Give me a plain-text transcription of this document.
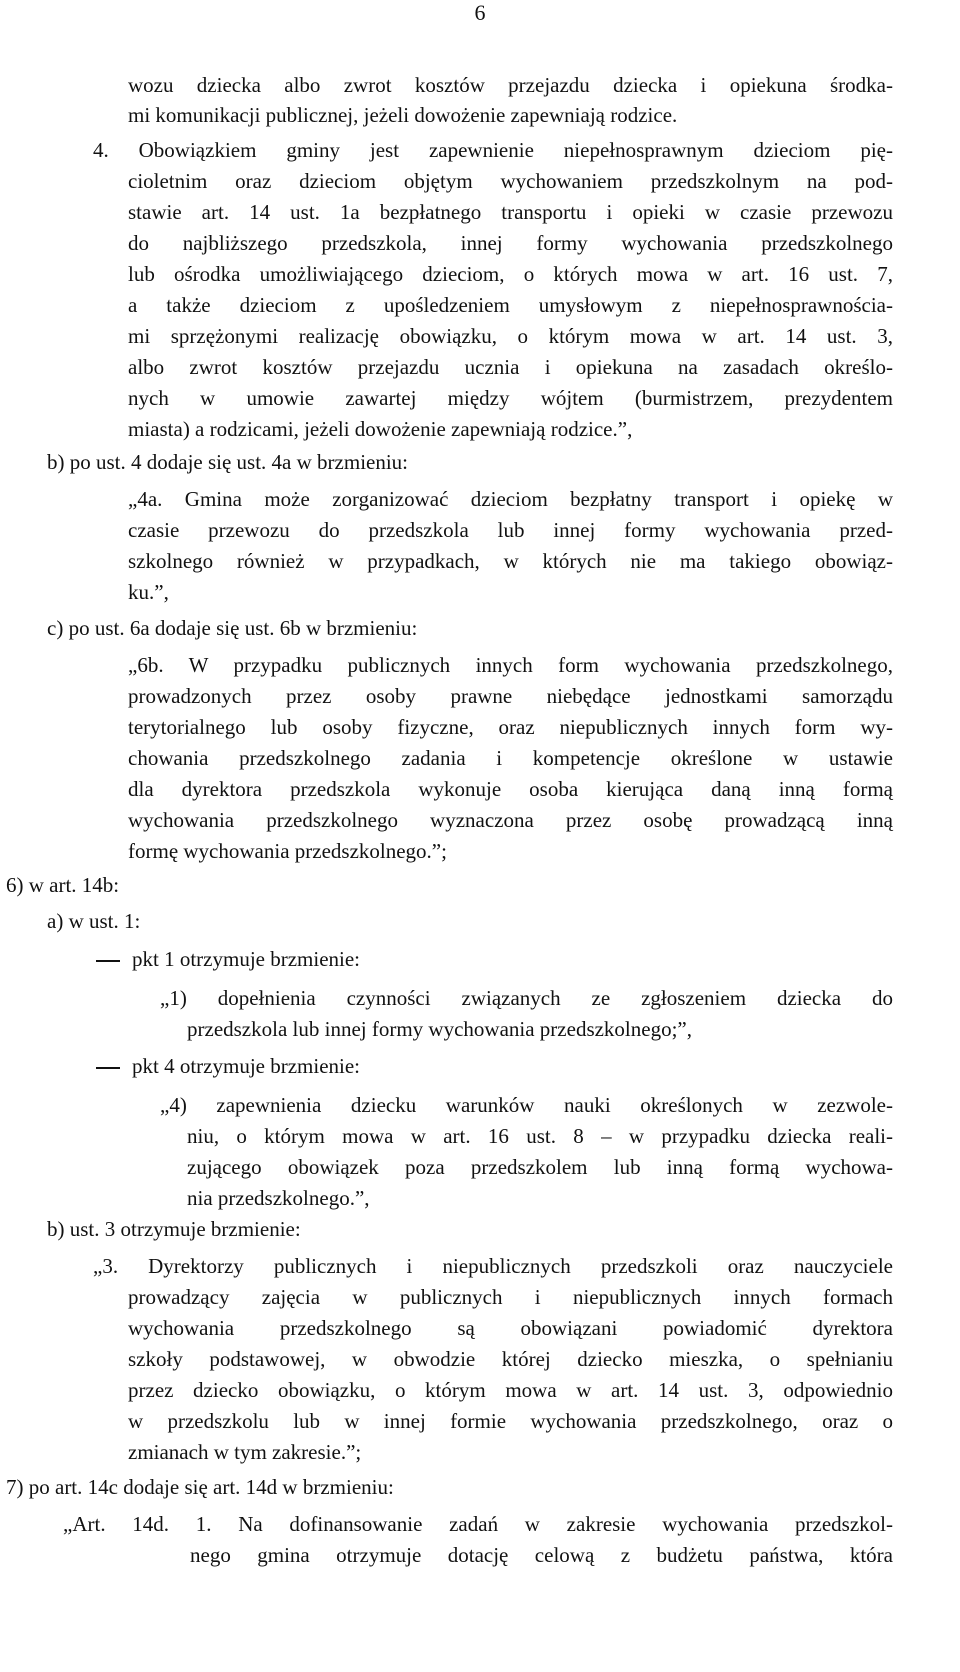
6
wozu dziecka albo zwrot kosztów przejazdu dziecka i opiekuna środka-
mi komunikacji publicznej, jeżeli dowożenie zapewniają rodzice.
4. Obowiązkiem gminy jest zapewnienie niepełnosprawnym dzieciom pię-
cioletnim oraz dzieciom objętym wychowaniem przedszkolnym na pod-
stawie art. 14 ust. 1a bezpłatnego transportu i opieki w czasie przewozu
do najbliższego przedszkola, innej formy wychowania przedszkolnego
lub ośrodka umożliwiającego dzieciom, o których mowa w art. 16 ust. 7,
a także dzieciom z upośledzeniem umysłowym z niepełnosprawnościa-
mi sprzężonymi realizację obowiązku, o którym mowa w art. 14 ust. 3,
albo zwrot kosztów przejazdu ucznia i opiekuna na zasadach określo-
nych w umowie zawartej między wójtem (burmistrzem, prezydentem
miasta) a rodzicami, jeżeli dowożenie zapewniają rodzice.”,
b) po ust. 4 dodaje się ust. 4a w brzmieniu:
„4a. Gmina może zorganizować dzieciom bezpłatny transport i opiekę w
czasie przewozu do przedszkola lub innej formy wychowania przed-
szkolnego również w przypadkach, w których nie ma takiego obowiąz-
ku.”,
c) po ust. 6a dodaje się ust. 6b w brzmieniu:
„6b. W przypadku publicznych innych form wychowania przedszkolnego,
prowadzonych przez osoby prawne niebędące jednostkami samorządu
terytorialnego lub osoby fizyczne, oraz niepublicznych innych form wy-
chowania przedszkolnego zadania i kompetencje określone w ustawie
dla dyrektora przedszkola wykonuje osoba kierująca daną inną formą
wychowania przedszkolnego wyznaczona przez osobę prowadzącą inną
formę wychowania przedszkolnego.”;
6) w art. 14b:
a) w ust. 1:
pkt 1 otrzymuje brzmienie:
„1) dopełnienia czynności związanych ze zgłoszeniem dziecka do
przedszkola lub innej formy wychowania przedszkolnego;”,
pkt 4 otrzymuje brzmienie:
„4) zapewnienia dziecku warunków nauki określonych w zezwole-
niu, o którym mowa w art. 16 ust. 8 – w przypadku dziecka reali-
zującego obowiązek poza przedszkolem lub inną formą wychowa-
nia przedszkolnego.”,
b) ust. 3 otrzymuje brzmienie:
„3. Dyrektorzy publicznych i niepublicznych przedszkoli oraz nauczyciele
prowadzący zajęcia w publicznych i niepublicznych innych formach
wychowania przedszkolnego są obowiązani powiadomić dyrektora
szkoły podstawowej, w obwodzie której dziecko mieszka, o spełnianiu
przez dziecko obowiązku, o którym mowa w art. 14 ust. 3, odpowiednio
w przedszkolu lub w innej formie wychowania przedszkolnego, oraz o
zmianach w tym zakresie.”;
7) po art. 14c dodaje się art. 14d w brzmieniu:
„Art. 14d. 1. Na dofinansowanie zadań w zakresie wychowania przedszkol-
nego gmina otrzymuje dotację celową z budżetu państwa, która
